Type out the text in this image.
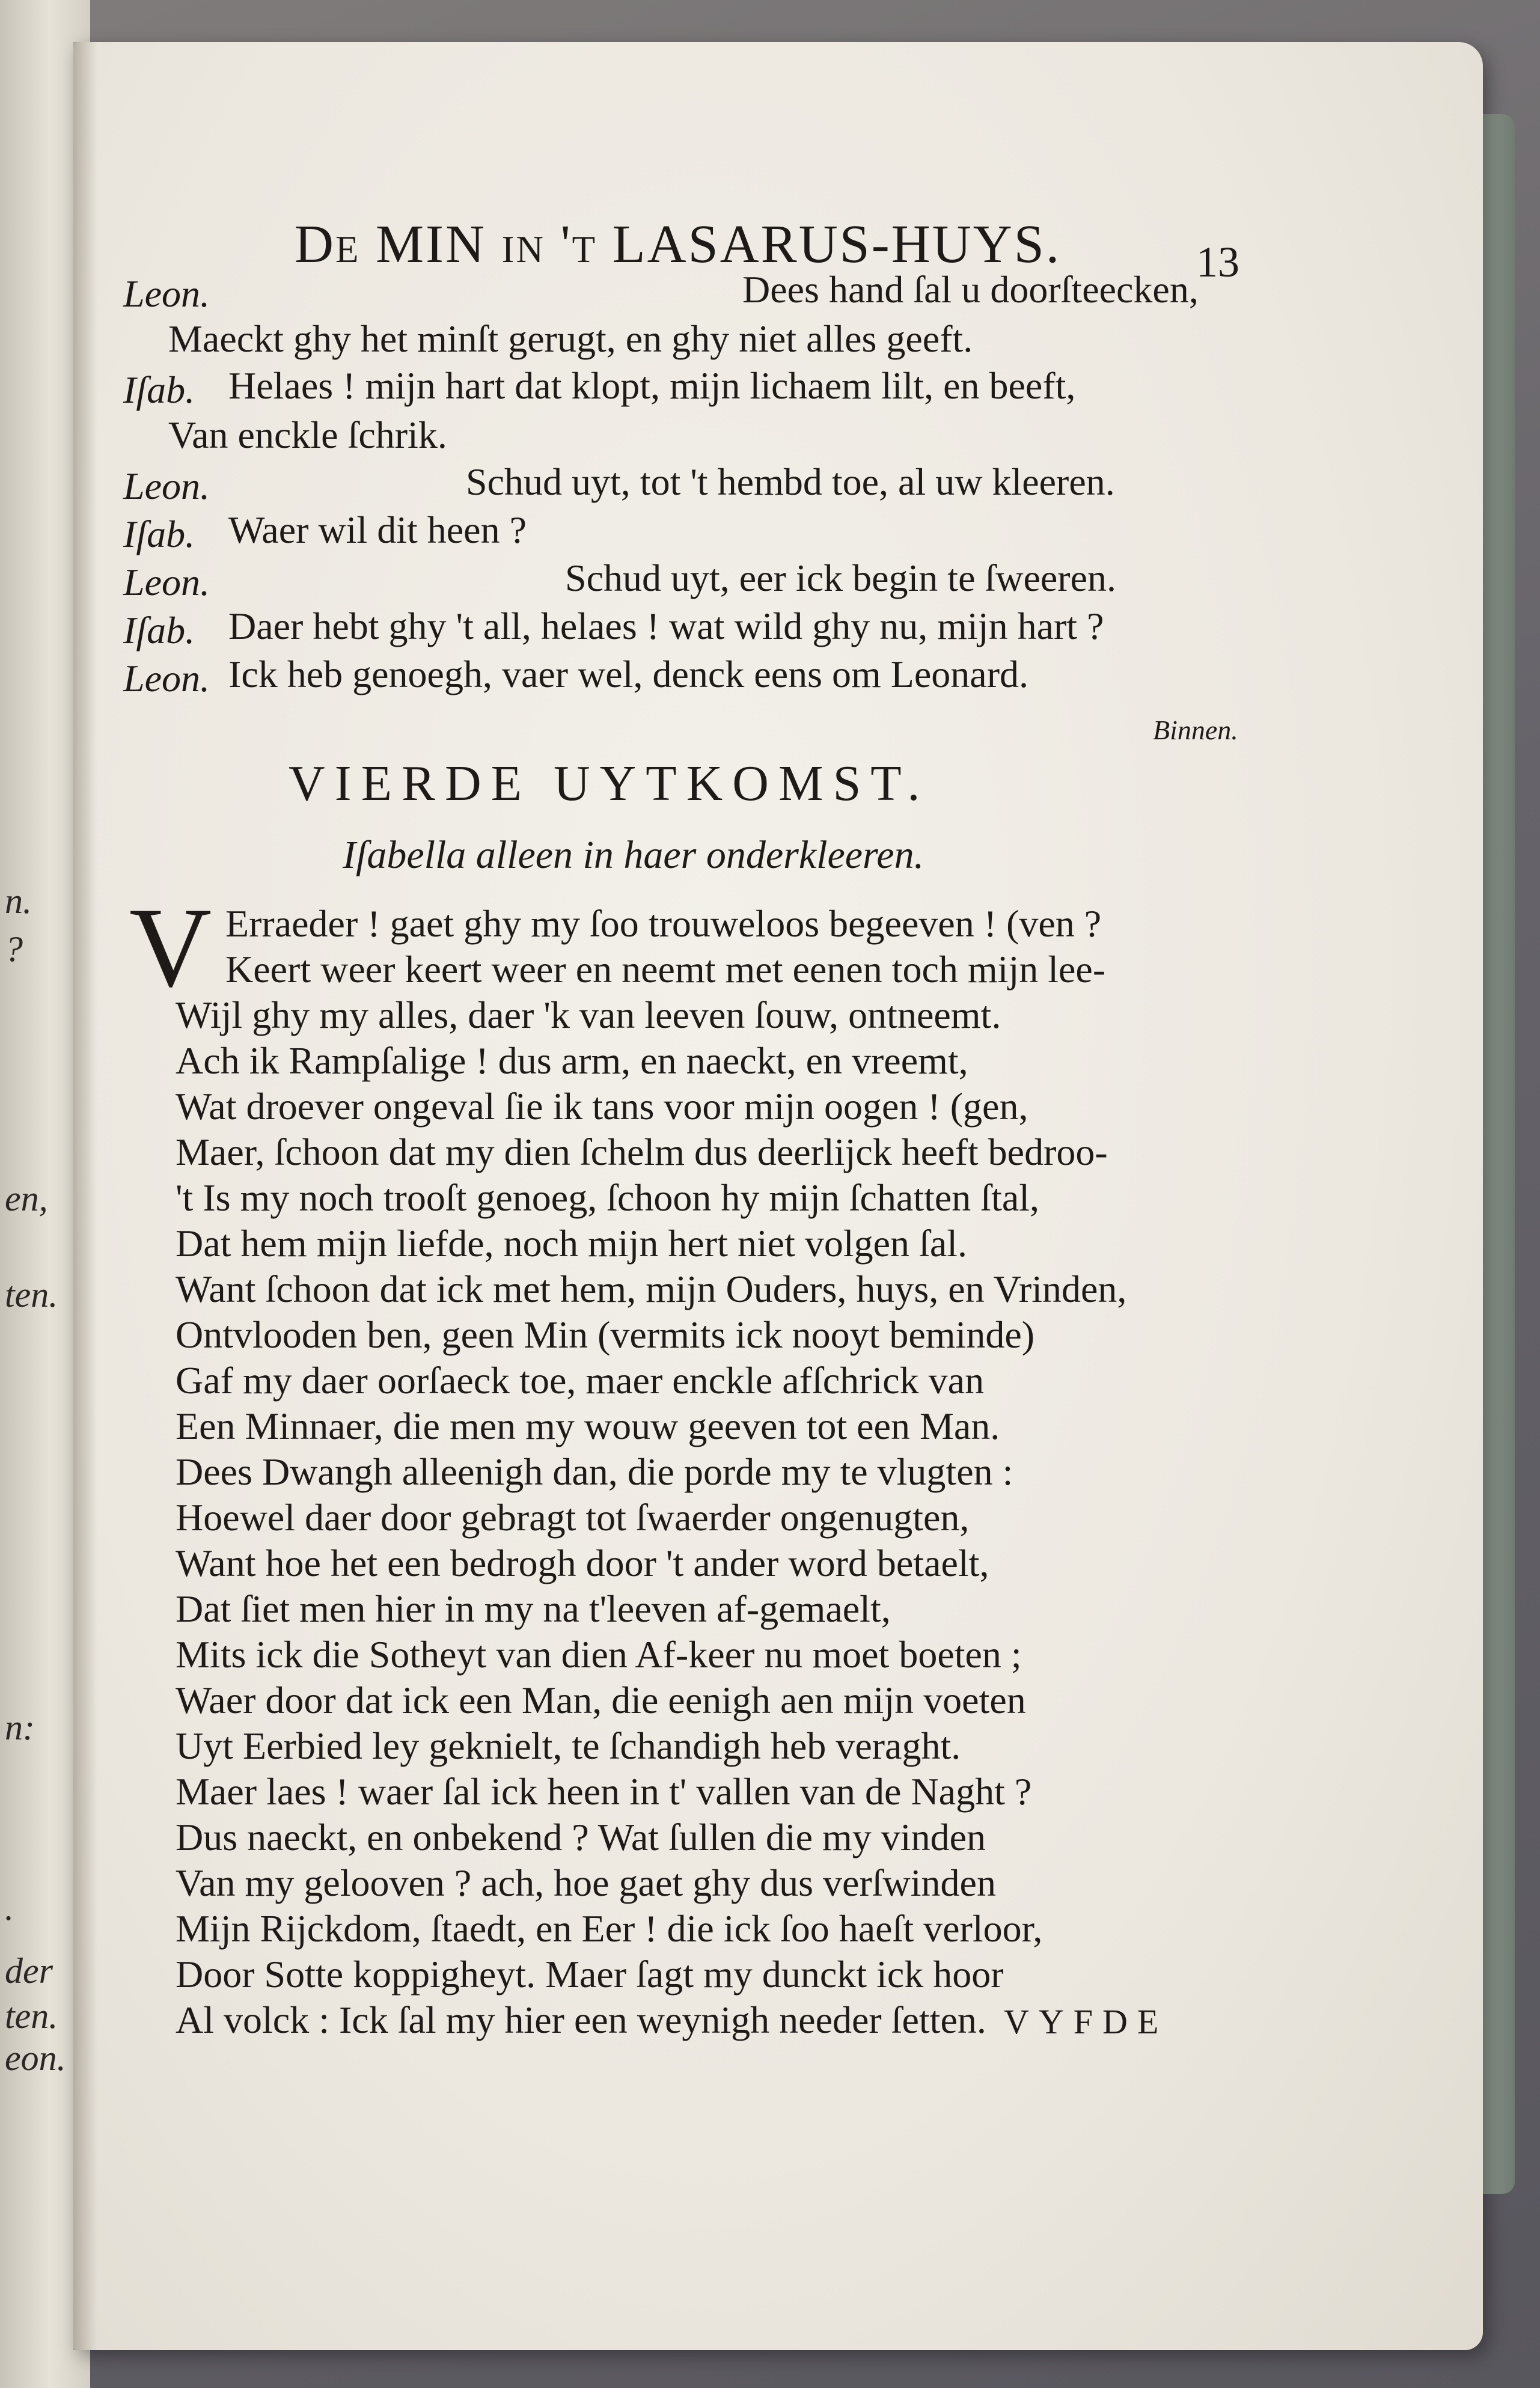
n.
?
en,
ten.
n:
.
der
ten.
eon.
De MIN in 't LASARUS-HUYS.	13
Leon.	Dees hand ſal u doorſteecken,
Maeckt ghy het minſt gerugt, en ghy niet alles geeft.
Iſab. Helaes ! mijn hart dat klopt, mijn lichaem lilt, en beeft,
Van enckle ſchrik.
Leon.	Schud uyt, tot 't hembd toe, al uw kleeren.
Iſab. Waer wil dit heen ?
Leon.	Schud uyt, eer ick begin te ſweeren.
Iſab. Daer hebt ghy 't all, helaes ! wat wild ghy nu, mijn hart ?
Leon. Ick heb genoegh, vaer wel, denck eens om Leonard.
Binnen.
VIERDE UYTKOMST.
Iſabella alleen in haer onderkleeren.
V Erraeder ! gaet ghy my ſoo trouweloos begeeven ! (ven ?
Keert weer keert weer en neemt met eenen toch mijn lee-
Wijl ghy my alles, daer 'k van leeven ſouw, ontneemt.
Ach ik Rampſalige ! dus arm, en naeckt, en vreemt,
Wat droever ongeval ſie ik tans voor mijn oogen ! (gen,
Maer, ſchoon dat my dien ſchelm dus deerlijck heeft bedroo-
't Is my noch trooſt genoeg, ſchoon hy mijn ſchatten ſtal,
Dat hem mijn liefde, noch mijn hert niet volgen ſal.
Want ſchoon dat ick met hem, mijn Ouders, huys, en Vrinden,
Ontvlooden ben, geen Min (vermits ick nooyt beminde)
Gaf my daer oorſaeck toe, maer enckle afſchrick van
Een Minnaer, die men my wouw geeven tot een Man.
Dees Dwangh alleenigh dan, die porde my te vlugten :
Hoewel daer door gebragt tot ſwaerder ongenugten,
Want hoe het een bedrogh door 't ander word betaelt,
Dat ſiet men hier in my na t'leeven af-gemaelt,
Mits ick die Sotheyt van dien Af-keer nu moet boeten ;
Waer door dat ick een Man, die eenigh aen mijn voeten
Uyt Eerbied ley geknielt, te ſchandigh heb veraght.
Maer laes ! waer ſal ick heen in t' vallen van de Naght ?
Dus naeckt, en onbekend ? Wat ſullen die my vinden
Van my gelooven ? ach, hoe gaet ghy dus verſwinden
Mijn Rijckdom, ſtaedt, en Eer ! die ick ſoo haeſt verloor,
Door Sotte koppigheyt. Maer ſagt my dunckt ick hoor
Al volck : Ick ſal my hier een weynigh needer ſetten. VYFDE
